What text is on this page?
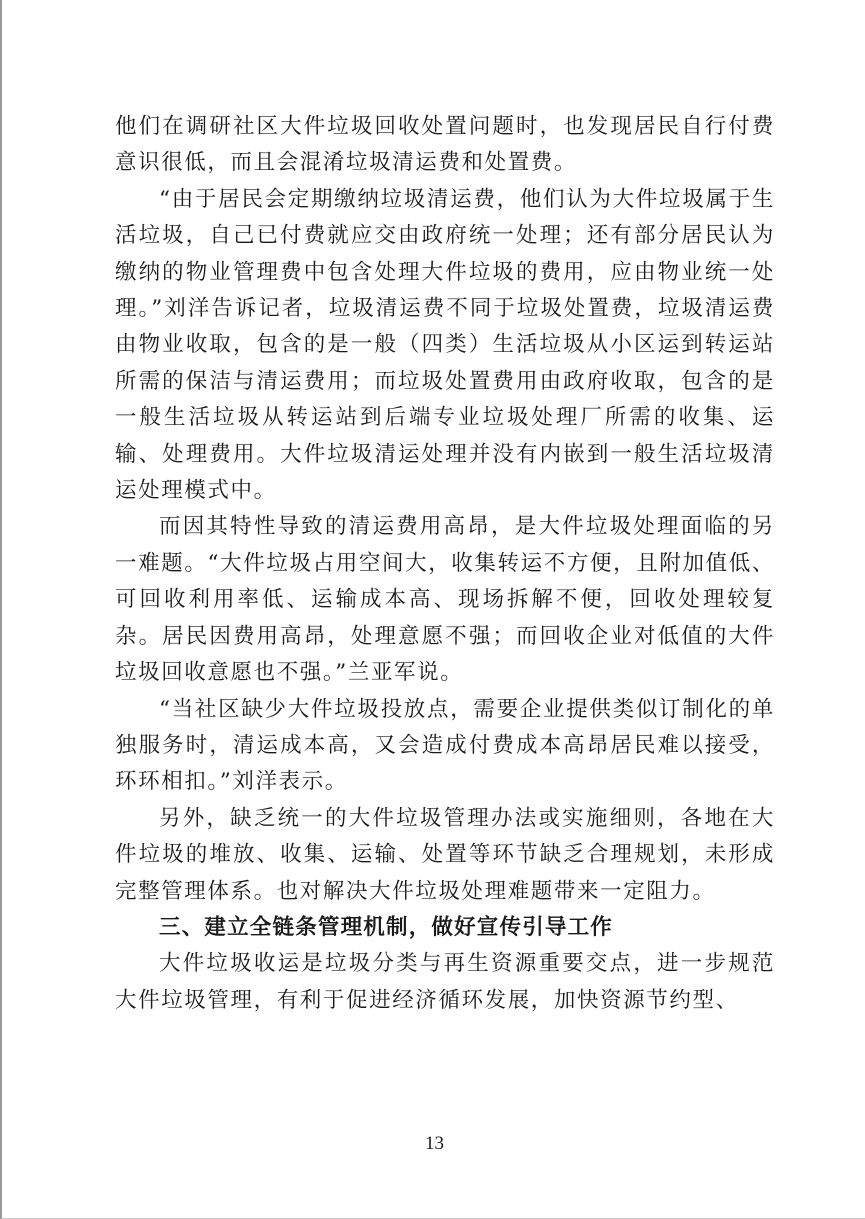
他们在调研社区大件垃圾回收处置问题时，也发现居民自行付费意识很低，而且会混淆垃圾清运费和处置费。

“由于居民会定期缴纳垃圾清运费，他们认为大件垃圾属于生活垃圾，自己已付费就应交由政府统一处理；还有部分居民认为缴纳的物业管理费中包含处理大件垃圾的费用，应由物业统一处理。”刘洋告诉记者，垃圾清运费不同于垃圾处置费，垃圾清运费由物业收取，包含的是一般（四类）生活垃圾从小区运到转运站所需的保洁与清运费用；而垃圾处置费用由政府收取，包含的是一般生活垃圾从转运站到后端专业垃圾处理厂所需的收集、运输、处理费用。大件垃圾清运处理并没有内嵌到一般生活垃圾清运处理模式中。

而因其特性导致的清运费用高昂，是大件垃圾处理面临的另一难题。“大件垃圾占用空间大，收集转运不方便，且附加值低、可回收利用率低、运输成本高、现场拆解不便，回收处理较复杂。居民因费用高昂，处理意愿不强；而回收企业对低值的大件垃圾回收意愿也不强。”兰亚军说。

“当社区缺少大件垃圾投放点，需要企业提供类似订制化的单独服务时，清运成本高，又会造成付费成本高昂居民难以接受，环环相扣。”刘洋表示。

另外，缺乏统一的大件垃圾管理办法或实施细则，各地在大件垃圾的堆放、收集、运输、处置等环节缺乏合理规划，未形成完整管理体系。也对解决大件垃圾处理难题带来一定阻力。

三、建立全链条管理机制，做好宣传引导工作

大件垃圾收运是垃圾分类与再生资源重要交点，进一步规范大件垃圾管理，有利于促进经济循环发展，加快资源节约型、

13
